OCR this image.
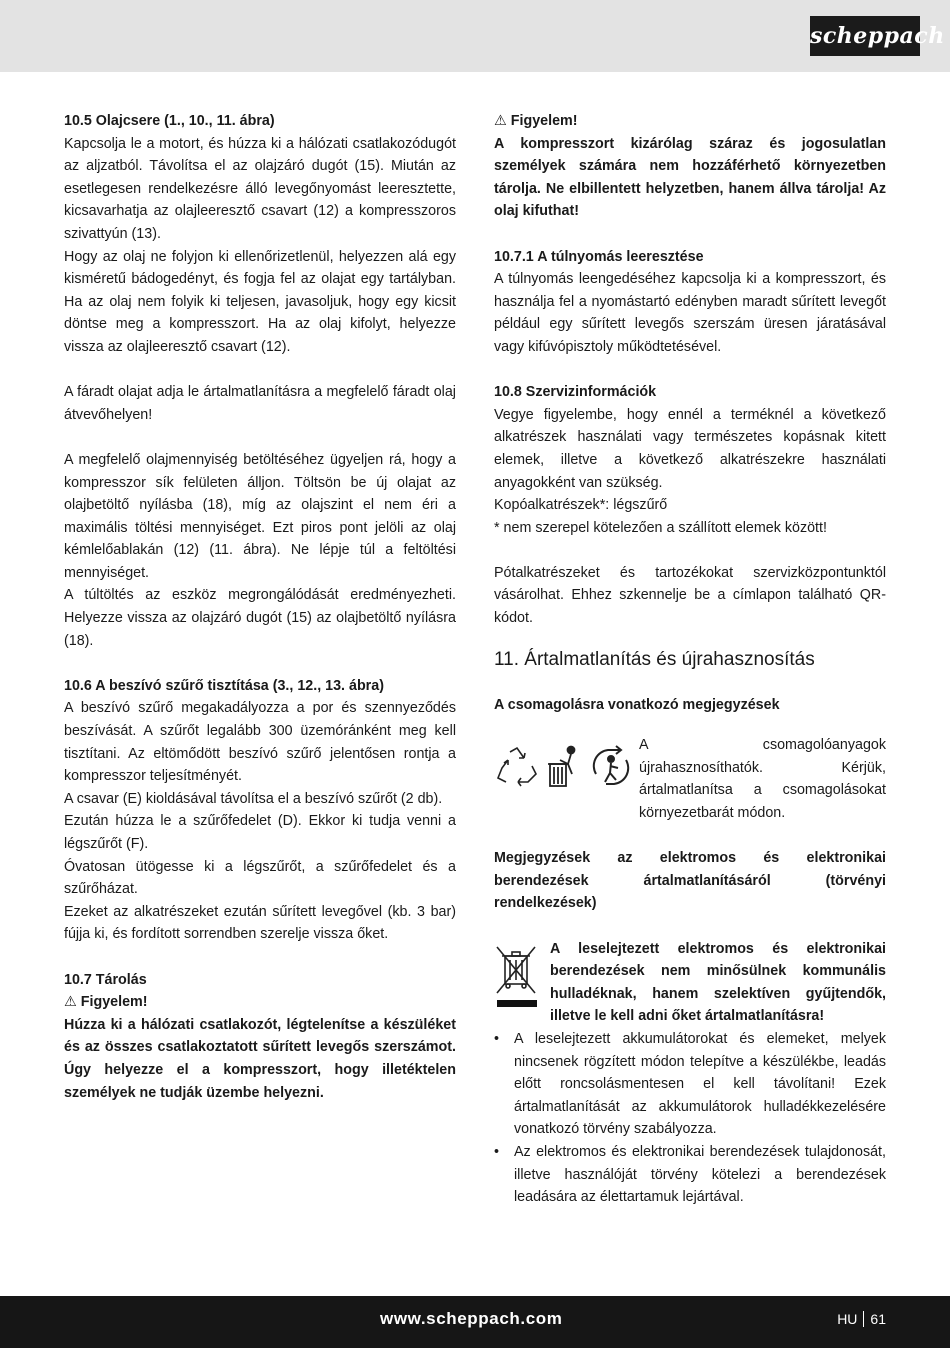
scheppach

10.5 Olajcsere (1., 10., 11. ábra)

Kapcsolja le a motort, és húzza ki a hálózati csatlakozódugót az aljzatból. Távolítsa el az olajzáró dugót (15). Miután az esetlegesen rendelkezésre álló levegőnyomást leeresztette, kicsavarhatja az olajleeresztő csavart (12) a kompresszoros szivattyún (13).

Hogy az olaj ne folyjon ki ellenőrizetlenül, helyezzen alá egy kisméretű bádogedényt, és fogja fel az olajat egy tartályban. Ha az olaj nem folyik ki teljesen, javasoljuk, hogy egy kicsit döntse meg a kompresszort. Ha az olaj kifolyt, helyezze vissza az olajleeresztő csavart (12).

A fáradt olajat adja le ártalmatlanításra a megfelelő fáradt olaj átvevőhelyen!

A megfelelő olajmennyiség betöltéséhez ügyeljen rá, hogy a kompresszor sík felületen álljon. Töltsön be új olajat az olajbetöltő nyílásba (18), míg az olajszint el nem éri a maximális töltési mennyiséget. Ezt piros pont jelöli az olaj kémlelőablakán (12) (11. ábra). Ne lépje túl a feltöltési mennyiséget.

A túltöltés az eszköz megrongálódását eredményezheti. Helyezze vissza az olajzáró dugót (15) az olajbetöltő nyílásra (18).

10.6 A beszívó szűrő tisztítása (3., 12., 13. ábra)

A beszívó szűrő megakadályozza a por és szennyeződés beszívását. A szűrőt legalább 300 üzemóránként meg kell tisztítani. Az eltömődött beszívó szűrő jelentősen rontja a kompresszor teljesítményét.

A csavar (E) kioldásával távolítsa el a beszívó szűrőt (2 db).

Ezután húzza le a szűrőfedelet (D). Ekkor ki tudja venni a légszűrőt (F).

Óvatosan ütögesse ki a légszűrőt, a szűrőfedelet és a szűrőházat.

Ezeket az alkatrészeket ezután sűrített levegővel (kb. 3 bar) fújja ki, és fordított sorrendben szerelje vissza őket.

10.7 Tárolás

⚠ Figyelem!

Húzza ki a hálózati csatlakozót, légtelenítse a készüléket és az összes csatlakoztatott sűrített levegős szerszámot. Úgy helyezze el a kompresszort, hogy illetéktelen személyek ne tudják üzembe helyezni.

⚠ Figyelem!

A kompresszort kizárólag száraz és jogosulatlan személyek számára nem hozzáférhető környezetben tárolja. Ne elbillentett helyzetben, hanem állva tárolja! Az olaj kifuthat!

10.7.1 A túlnyomás leeresztése

A túlnyomás leengedéséhez kapcsolja ki a kompresszort, és használja fel a nyomástartó edényben maradt sűrített levegőt például egy sűrített levegős szerszám üresen járatásával vagy kifúvópisztoly működtetésével.

10.8 Szervizinformációk

Vegye figyelembe, hogy ennél a terméknél a következő alkatrészek használati vagy természetes kopásnak kitett elemek, illetve a következő alkatrészekre használati anyagokként van szükség.

Kopóalkatrészek*: légszűrő

* nem szerepel kötelezően a szállított elemek között!

Pótalkatrészeket és tartozékokat szervizközpontunktól vásárolhat. Ehhez szkennelje be a címlapon található QR-kódot.

11. Ártalmatlanítás és újrahasznosítás

A csomagolásra vonatkozó megjegyzések

A csomagolóanyagok újrahasznosíthatók. Kérjük, ártalmatlanítsa a csomagolásokat környezetbarát módon.

Megjegyzések az elektromos és elektronikai berendezések ártalmatlanításáról (törvényi rendelkezések)

A leselejtezett elektromos és elektronikai berendezések nem minősülnek kommunális hulladéknak, hanem szelektíven gyűjtendők, illetve le kell adni őket ártalmatlanításra!

• A leselejtezett akkumulátorokat és elemeket, melyek nincsenek rögzített módon telepítve a készülékbe, leadás előtt roncsolásmentesen el kell távolítani! Ezek ártalmatlanítását az akkumulátorok hulladékkezelésére vonatkozó törvény szabályozza.
• Az elektromos és elektronikai berendezések tulajdonosát, illetve használóját törvény kötelezi a berendezések leadására az élettartamuk lejártával.
www.scheppach.com	HU 61
